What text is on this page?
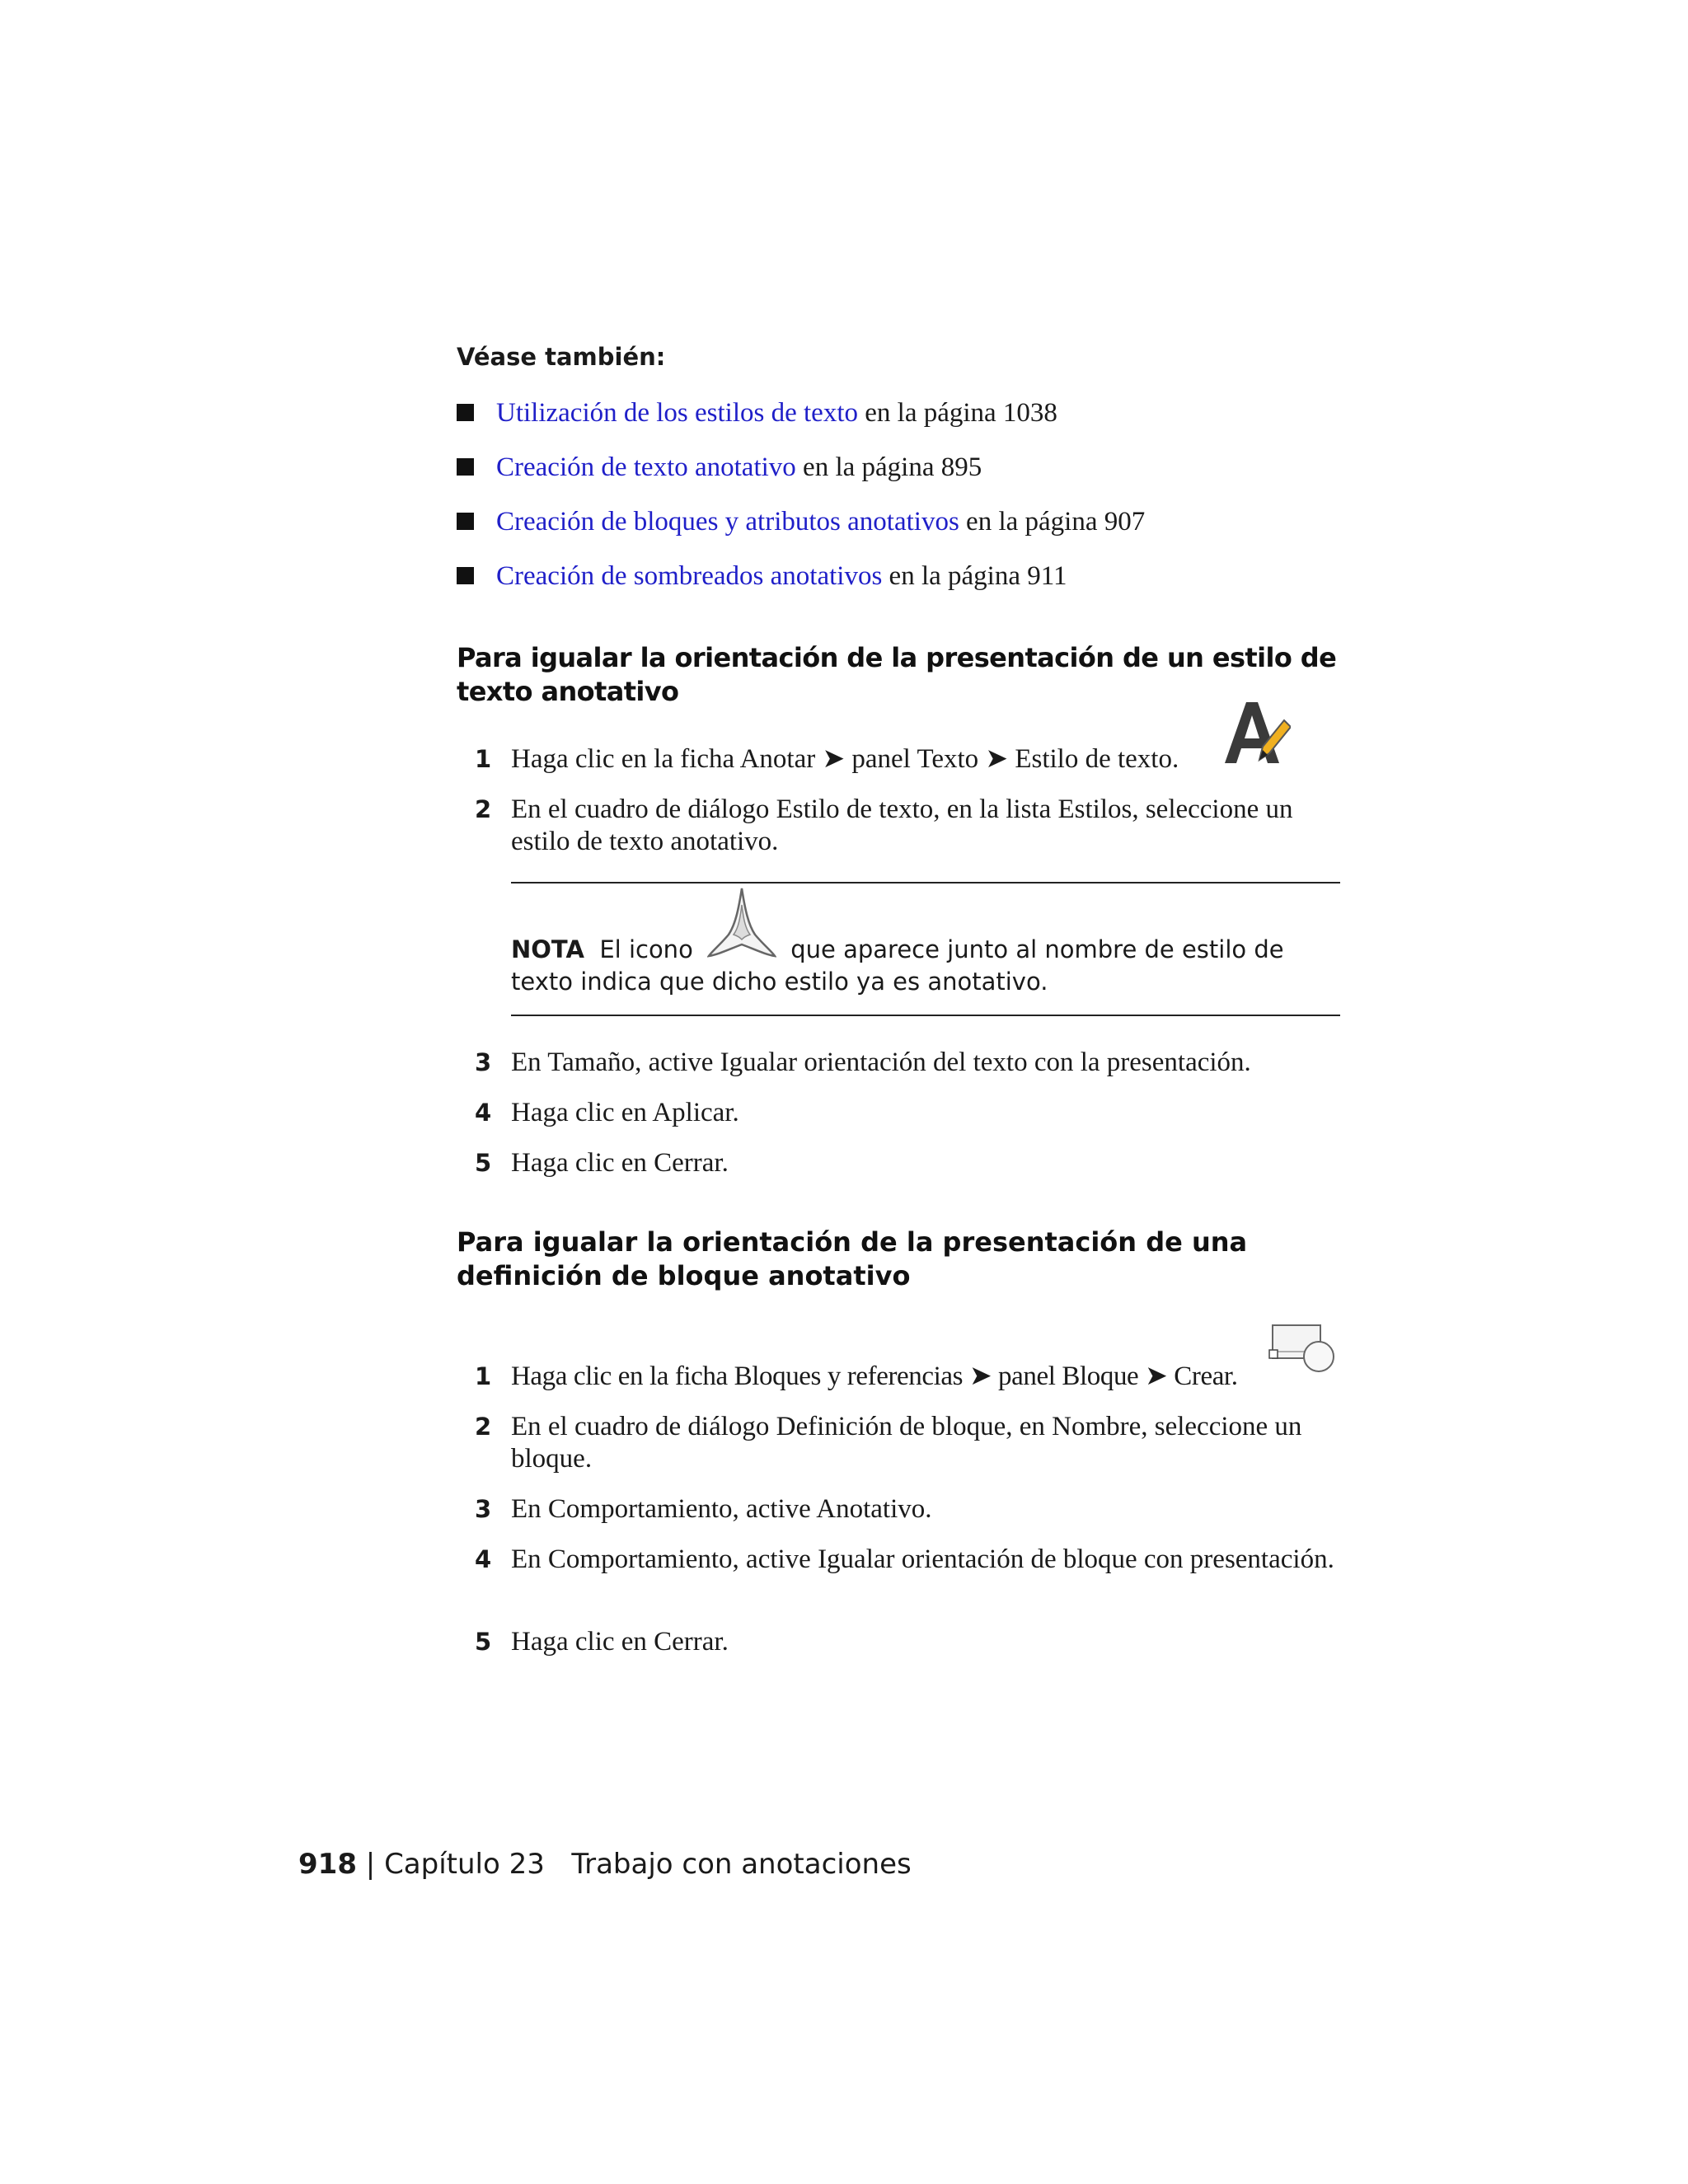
Véase también:

Utilización de los estilos de texto en la página 1038
Creación de texto anotativo en la página 895
Creación de bloques y atributos anotativos en la página 907
Creación de sombreados anotativos en la página 911
Para igualar la orientación de la presentación de un estilo de texto anotativo
1 Haga clic en la ficha Anotar ➤ panel Texto ➤ Estilo de texto.
2 En el cuadro de diálogo Estilo de texto, en la lista Estilos, seleccione un estilo de texto anotativo.
NOTA El icono	que aparece junto al nombre de estilo de texto indica que dicho estilo ya es anotativo.
3 En Tamaño, active Igualar orientación del texto con la presentación.
4 Haga clic en Aplicar.
5 Haga clic en Cerrar.
Para igualar la orientación de la presentación de una definición de bloque anotativo
1 Haga clic en la ficha Bloques y referencias ➤ panel Bloque ➤ Crear.
2 En el cuadro de diálogo Definición de bloque, en Nombre, seleccione un bloque.
3 En Comportamiento, active Anotativo.
4 En Comportamiento, active Igualar orientación de bloque con presentación.
5 Haga clic en Cerrar.

918 | Capítulo 23 Trabajo con anotaciones
